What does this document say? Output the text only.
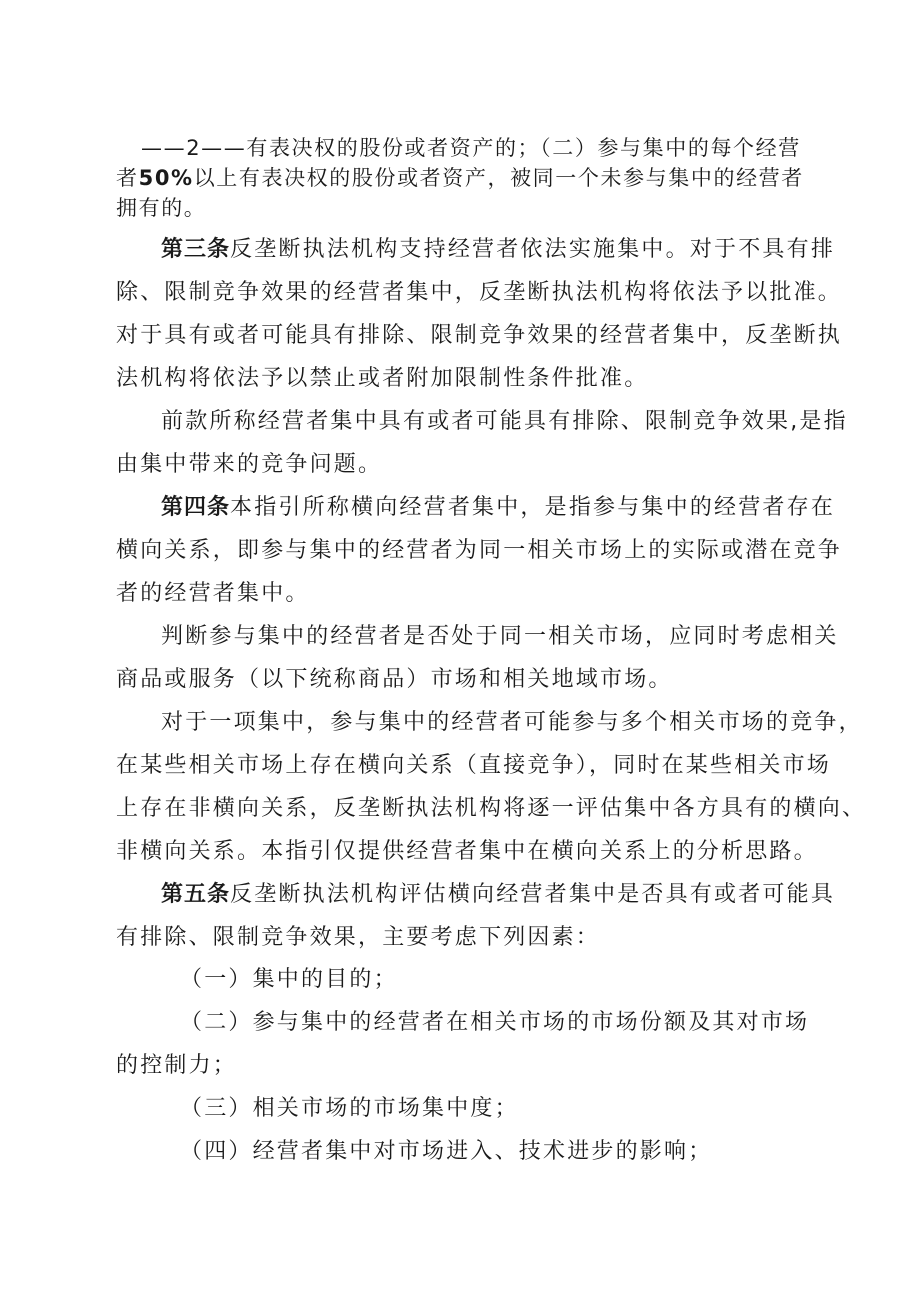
——2——有表决权的股份或者资产的；（二）参与集中的每个经营
者50%以上有表决权的股份或者资产，被同一个未参与集中的经营者
拥有的。
第三条反垄断执法机构支持经营者依法实施集中。对于不具有排
除、限制竞争效果的经营者集中，反垄断执法机构将依法予以批准。
对于具有或者可能具有排除、限制竞争效果的经营者集中，反垄断执
法机构将依法予以禁止或者附加限制性条件批准。
前款所称经营者集中具有或者可能具有排除、限制竞争效果,是指
由集中带来的竞争问题。
第四条本指引所称横向经营者集中，是指参与集中的经营者存在
横向关系，即参与集中的经营者为同一相关市场上的实际或潜在竞争
者的经营者集中。
判断参与集中的经营者是否处于同一相关市场，应同时考虑相关
商品或服务（以下统称商品）市场和相关地域市场。
对于一项集中，参与集中的经营者可能参与多个相关市场的竞争，
在某些相关市场上存在横向关系（直接竞争），同时在某些相关市场
上存在非横向关系，反垄断执法机构将逐一评估集中各方具有的横向、
非横向关系。本指引仅提供经营者集中在横向关系上的分析思路。
第五条反垄断执法机构评估横向经营者集中是否具有或者可能具
有排除、限制竞争效果，主要考虑下列因素：
（一）集中的目的；
（二）参与集中的经营者在相关市场的市场份额及其对市场
的控制力；
（三）相关市场的市场集中度；
（四）经营者集中对市场进入、技术进步的影响；
